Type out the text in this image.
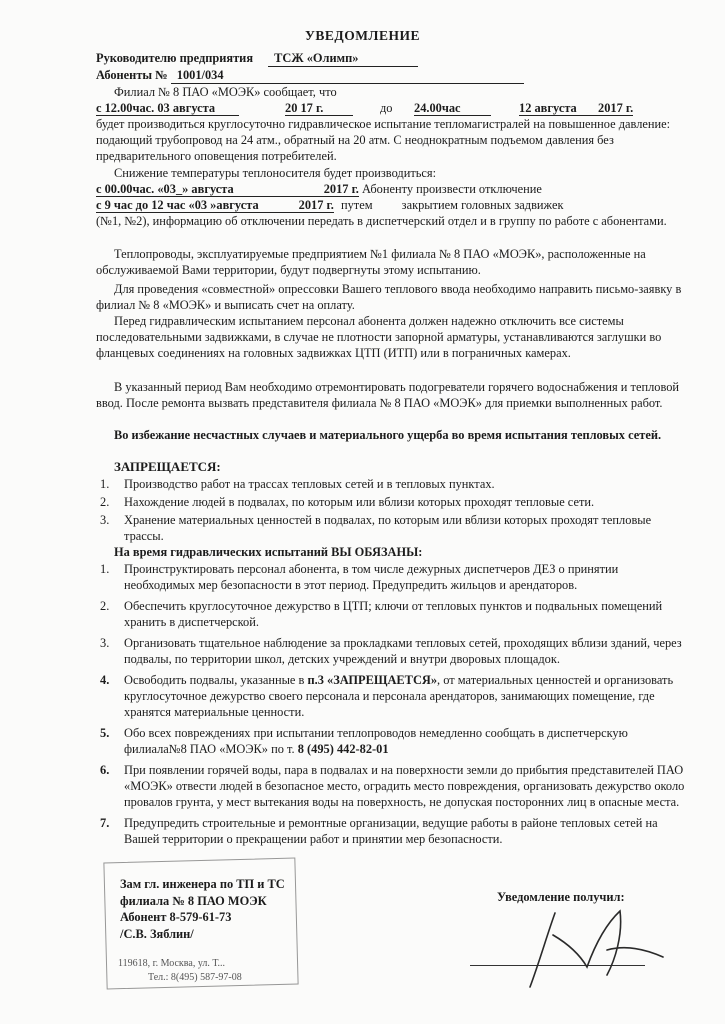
УВЕДОМЛЕНИЕ
Руководителю предприятия ТСЖ «Олимп»
Абоненты № 1001/034
Филиал № 8 ПАО «МОЭК» сообщает, что
с 12.00час. 03 августа	20 17 г.	до 24.00час	12 августа	2017 г.
будет производиться круглосуточно гидравлическое испытание тепломагистралей на повышенное давление: подающий трубопровод на 24 атм., обратный на 20 атм. С неоднократным подъемом давления без предварительного оповещения потребителей.
Снижение температуры теплоносителя будет производиться:
с 00.00час. «03_» августа	2017 г. Абоненту произвести отключение
с 9 час до 12 час «03 »августа	2017 г. путем закрытием головных задвижек
(№1, №2), информацию об отключении передать в диспетчерский отдел и в группу по работе с абонентами.
Теплопроводы, эксплуатируемые предприятием №1 филиала № 8 ПАО «МОЭК», расположенные на обслуживаемой Вами территории, будут подвергнуты этому испытанию.
Для проведения «совместной» опрессовки Вашего теплового ввода необходимо направить письмо-заявку в филиал № 8 «МОЭК» и выписать счет на оплату.
Перед гидравлическим испытанием персонал абонента должен надежно отключить все системы последовательными задвижками, в случае не плотности запорной арматуры, устанавливаются заглушки во фланцевых соединениях на головных задвижках ЦТП (ИТП) или в пограничных камерах.
В указанный период Вам необходимо отремонтировать подогреватели горячего водоснабжения и тепловой ввод. После ремонта вызвать представителя филиала № 8 ПАО «МОЭК» для приемки выполненных работ.
Во избежание несчастных случаев и материального ущерба во время испытания тепловых сетей.
ЗАПРЕЩАЕТСЯ:
1. Производство работ на трассах тепловых сетей и в тепловых пунктах.
2. Нахождение людей в подвалах, по которым или вблизи которых проходят тепловые сети.
3. Хранение материальных ценностей в подвалах, по которым или вблизи которых проходят тепловые трассы.
На время гидравлических испытаний ВЫ ОБЯЗАНЫ:
1. Проинструктировать персонал абонента, в том числе дежурных диспетчеров ДЕЗ о принятии необходимых мер безопасности в этот период. Предупредить жильцов и арендаторов.
2. Обеспечить круглосуточное дежурство в ЦТП; ключи от тепловых пунктов и подвальных помещений хранить в диспетчерской.
3. Организовать тщательное наблюдение за прокладками тепловых сетей, проходящих вблизи зданий, через подвалы, по территории школ, детских учреждений и внутри дворовых площадок.
4. Освободить подвалы, указанные в п.3 «ЗАПРЕЩАЕТСЯ», от материальных ценностей и организовать круглосуточное дежурство своего персонала и персонала арендаторов, занимающих помещение, где хранятся материальные ценности.
5. Обо всех повреждениях при испытании теплопроводов немедленно сообщать в диспетчерскую филиала№8 ПАО «МОЭК» по т. 8 (495) 442-82-01
6. При появлении горячей воды, пара в подвалах и на поверхности земли до прибытия представителей ПАО «МОЭК» отвести людей в безопасное место, оградить место повреждения, организовать дежурство около провалов грунта, у мест вытекания воды на поверхность, не допуская посторонних лиц в опасные места.
7. Предупредить строительные и ремонтные организации, ведущие работы в районе тепловых сетей на Вашей территории о прекращении работ и принятии мер безопасности.
119618, г. Москва, ул. Т...
Тел.: 8(495) 587-97-08
Зам гл. инженера по ТП и ТС
филиала № 8 ПАО МОЭК
Абонент 8-579-61-73
/С.В. Зяблин/
Уведомление получил:
